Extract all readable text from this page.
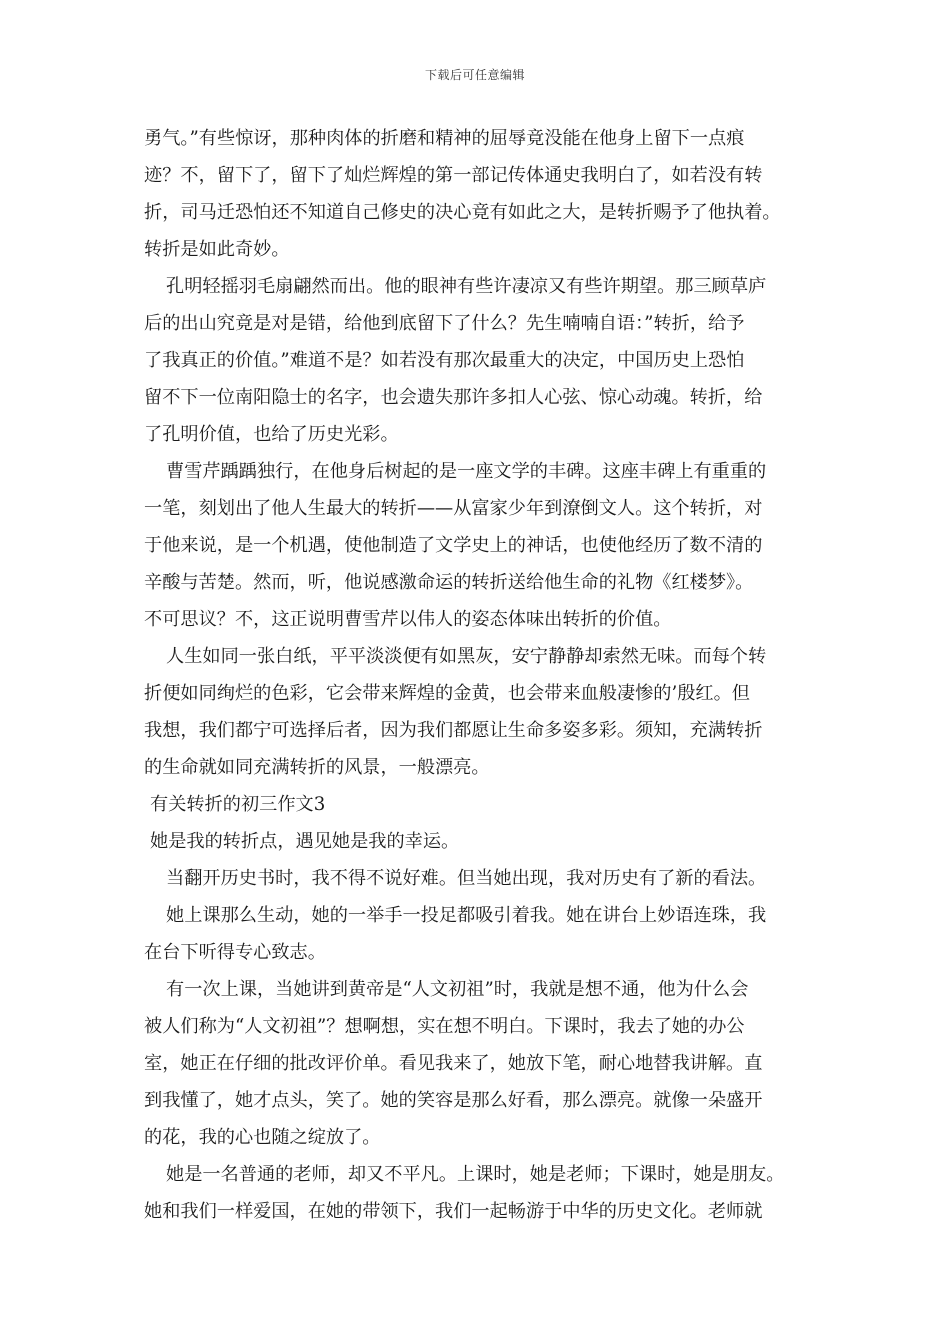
下载后可任意编辑
勇气。”有些惊讶，那种肉体的折磨和精神的屈辱竟没能在他身上留下一点痕
迹？不，留下了，留下了灿烂辉煌的第一部记传体通史我明白了，如若没有转
折，司马迁恐怕还不知道自己修史的决心竟有如此之大，是转折赐予了他执着。
转折是如此奇妙。
孔明轻摇羽毛扇翩然而出。他的眼神有些许凄凉又有些许期望。那三顾草庐
后的出山究竟是对是错，给他到底留下了什么？先生喃喃自语：”转折，给予
了我真正的价值。”难道不是？如若没有那次最重大的决定，中国历史上恐怕
留不下一位南阳隐士的名字，也会遗失那许多扣人心弦、惊心动魂。转折，给
了孔明价值，也给了历史光彩。
曹雪芹踽踽独行，在他身后树起的是一座文学的丰碑。这座丰碑上有重重的
一笔，刻划出了他人生最大的转折——从富家少年到潦倒文人。这个转折，对
于他来说，是一个机遇，使他制造了文学史上的神话，也使他经历了数不清的
辛酸与苦楚。然而，听，他说感激命运的转折送给他生命的礼物《红楼梦》。
不可思议？不，这正说明曹雪芹以伟人的姿态体味出转折的价值。
人生如同一张白纸，平平淡淡便有如黑灰，安宁静静却索然无味。而每个转
折便如同绚烂的色彩，它会带来辉煌的金黄，也会带来血般凄惨的’殷红。但
我想，我们都宁可选择后者，因为我们都愿让生命多姿多彩。须知，充满转折
的生命就如同充满转折的风景，一般漂亮。
有关转折的初三作文3
她是我的转折点，遇见她是我的幸运。
当翻开历史书时，我不得不说好难。但当她出现，我对历史有了新的看法。
她上课那么生动，她的一举手一投足都吸引着我。她在讲台上妙语连珠，我
在台下听得专心致志。
有一次上课，当她讲到黄帝是“人文初祖”时，我就是想不通，他为什么会
被人们称为“人文初祖”？想啊想，实在想不明白。下课时，我去了她的办公
室，她正在仔细的批改评价单。看见我来了，她放下笔，耐心地替我讲解。直
到我懂了，她才点头，笑了。她的笑容是那么好看，那么漂亮。就像一朵盛开
的花，我的心也随之绽放了。
她是一名普通的老师，却又不平凡。上课时，她是老师；下课时，她是朋友。
她和我们一样爱国，在她的带领下，我们一起畅游于中华的历史文化。老师就
